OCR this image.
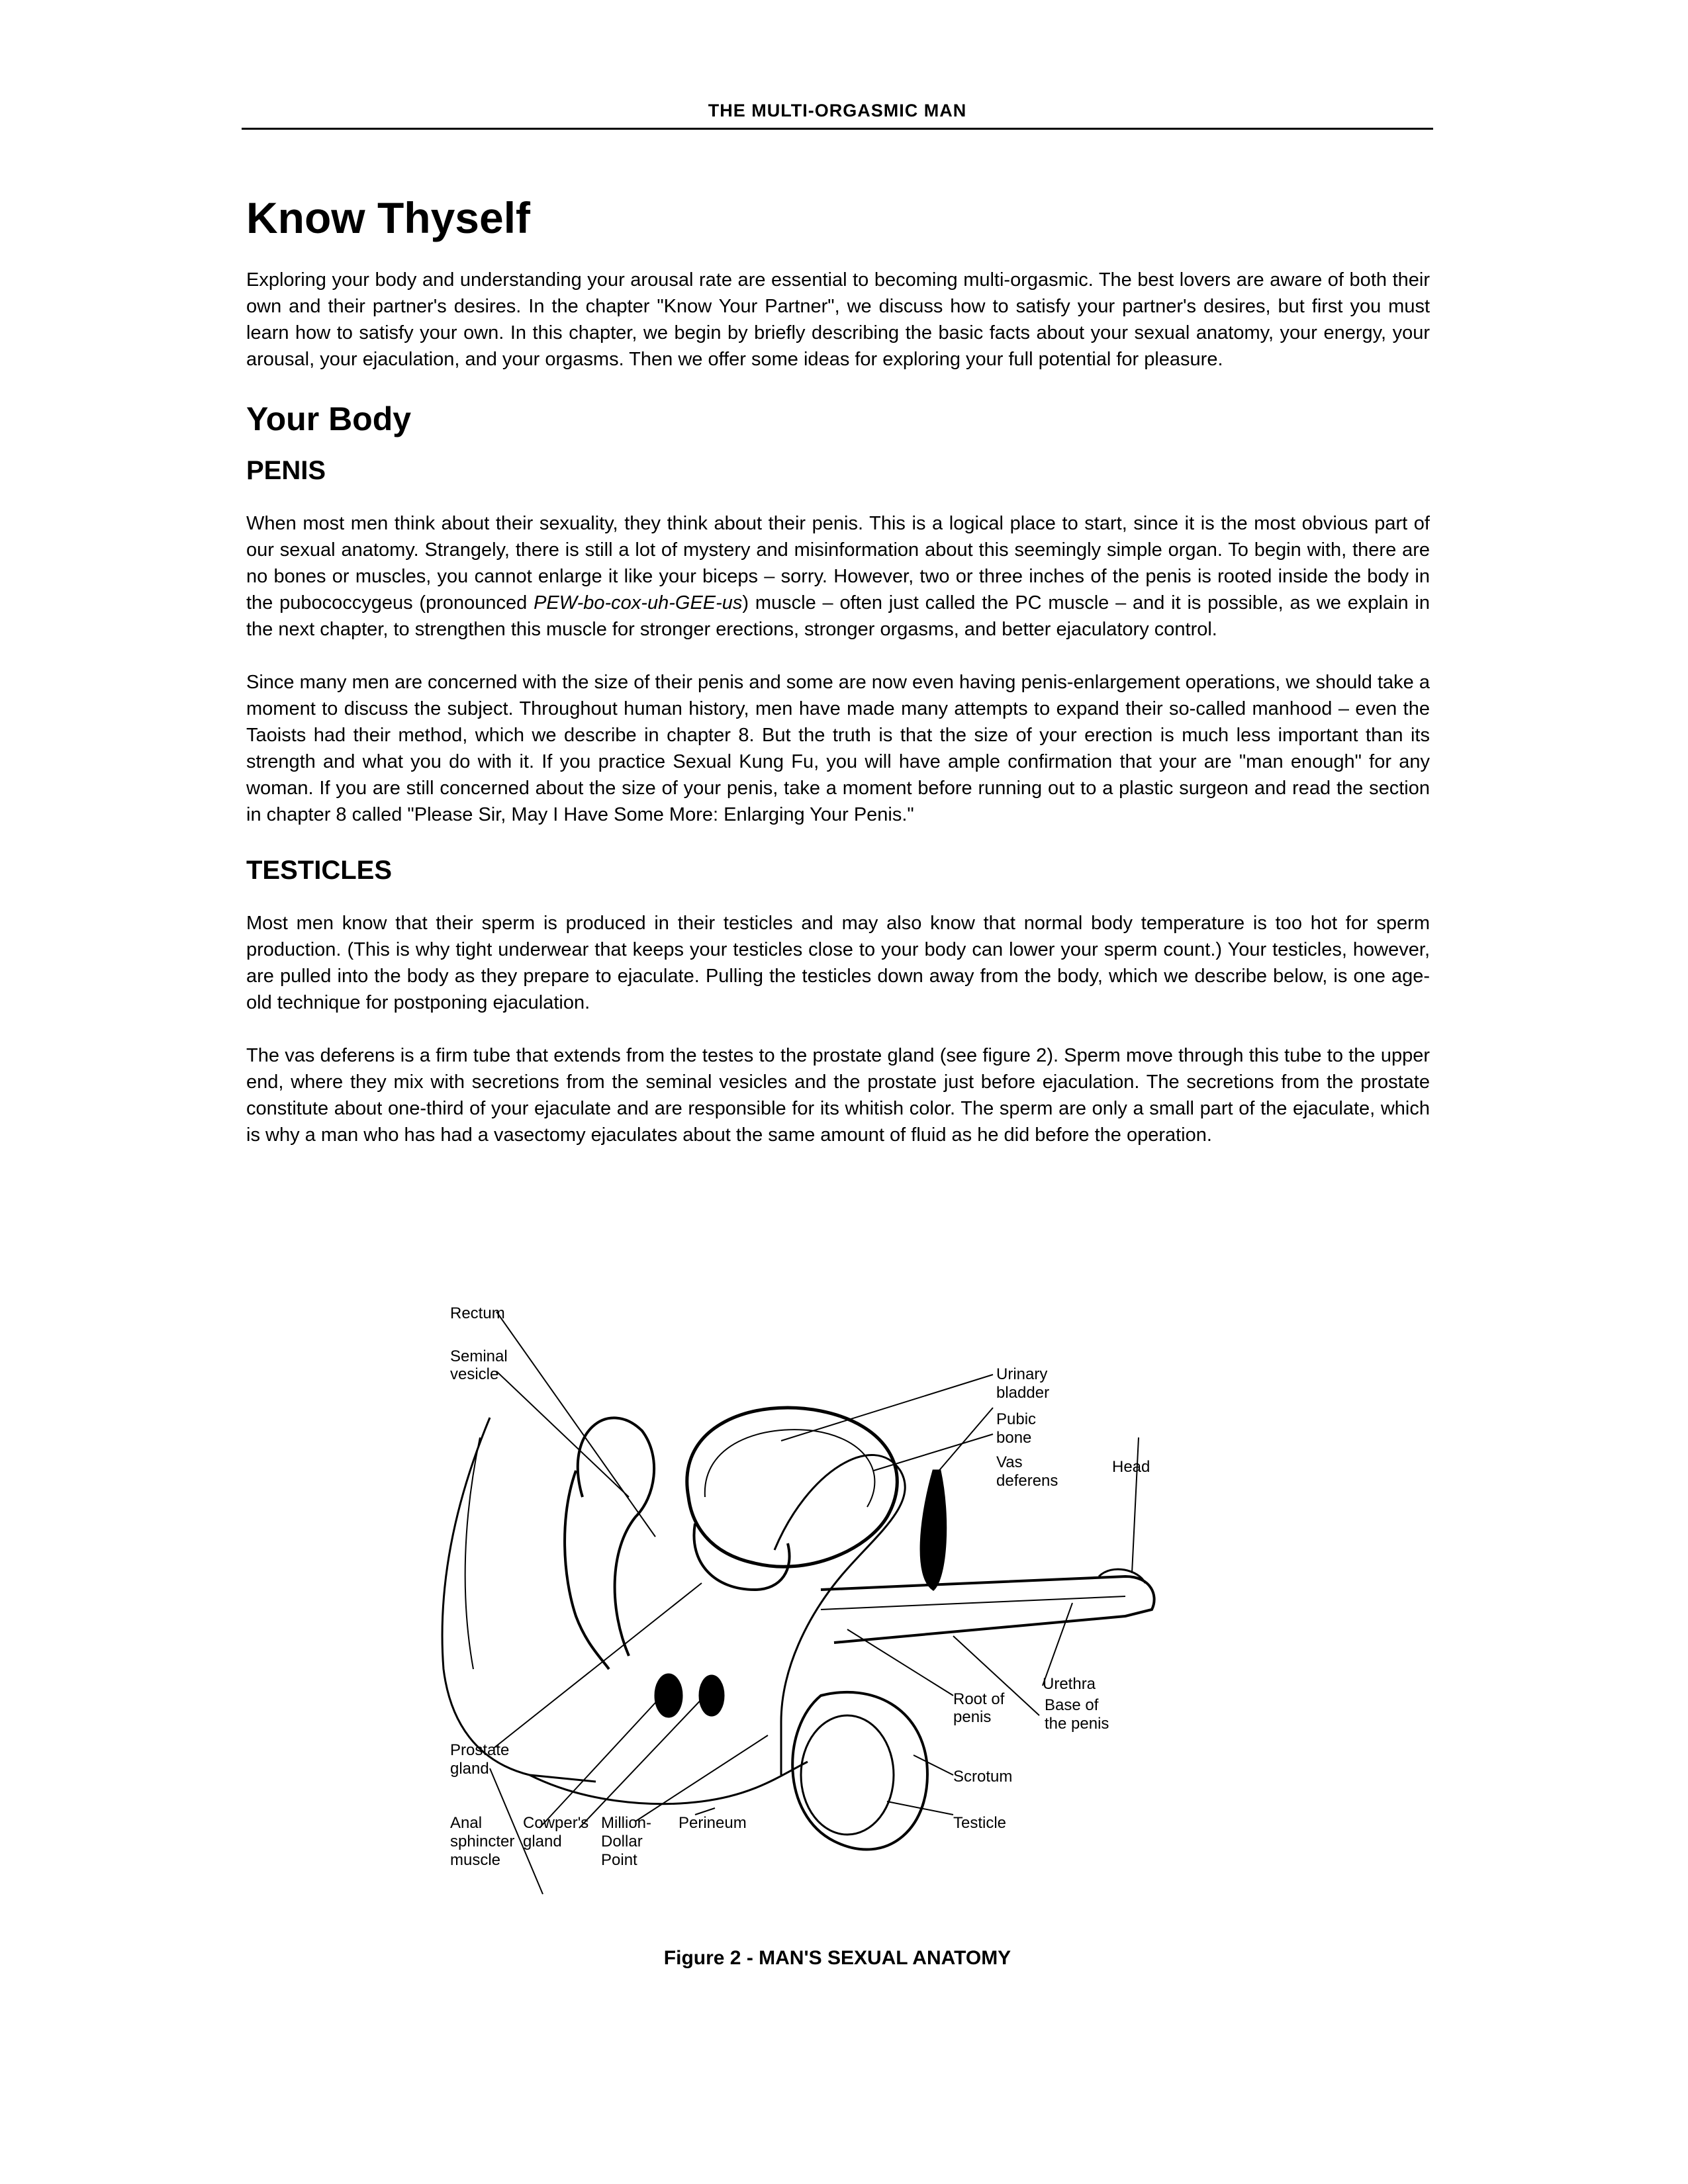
THE MULTI-ORGASMIC MAN
Know Thyself

Exploring your body and understanding your arousal rate are essential to becoming multi-orgasmic. The best lovers are aware of both their own and their partner's desires. In the chapter "Know Your Partner", we discuss how to satisfy your partner's desires, but first you must learn how to satisfy your own. In this chapter, we begin by briefly describing the basic facts about your sexual anatomy, your energy, your arousal, your ejaculation, and your orgasms. Then we offer some ideas for exploring your full potential for pleasure.

Your Body
PENIS

When most men think about their sexuality, they think about their penis. This is a logical place to start, since it is the most obvious part of our sexual anatomy. Strangely, there is still a lot of mystery and misinformation about this seemingly simple organ. To begin with, there are no bones or muscles, you cannot enlarge it like your biceps – sorry. However, two or three inches of the penis is rooted inside the body in the pubococcygeus (pronounced PEW-bo-cox-uh-GEE-us) muscle – often just called the PC muscle – and it is possible, as we explain in the next chapter, to strengthen this muscle for stronger erections, stronger orgasms, and better ejaculatory control.

Since many men are concerned with the size of their penis and some are now even having penis-enlargement operations, we should take a moment to discuss the subject. Throughout human history, men have made many attempts to expand their so-called manhood – even the Taoists had their method, which we describe in chapter 8. But the truth is that the size of your erection is much less important than its strength and what you do with it. If you practice Sexual Kung Fu, you will have ample confirmation that your are "man enough" for any woman. If you are still concerned about the size of your penis, take a moment before running out to a plastic surgeon and read the section in chapter 8 called "Please Sir, May I Have Some More: Enlarging Your Penis."

TESTICLES

Most men know that their sperm is produced in their testicles and may also know that normal body temperature is too hot for sperm production. (This is why tight underwear that keeps your testicles close to your body can lower your sperm count.) Your testicles, however, are pulled into the body as they prepare to ejaculate. Pulling the testicles down away from the body, which we describe below, is one age-old technique for postponing ejaculation.

The vas deferens is a firm tube that extends from the testes to the prostate gland (see figure 2). Sperm move through this tube to the upper end, where they mix with secretions from the seminal vesicles and the prostate just before ejaculation. The secretions from the prostate constitute about one-third of your ejaculate and are responsible for its whitish color. The sperm are only a small part of the ejaculate, which is why a man who has had a vasectomy ejaculates about the same amount of fluid as he did before the operation.

Rectum
Seminal
vesicle	Urinary
bladder
Pubic
bone
Vas
deferens
Head
Urethra
Root of
penis
Base of
the penis
Prostate
gland	Scrotum
Anal
sphincter
muscle
Cowper's
gland
Million-
Dollar
Point
Perineum	Testicle
Figure 2 - MAN'S SEXUAL ANATOMY
